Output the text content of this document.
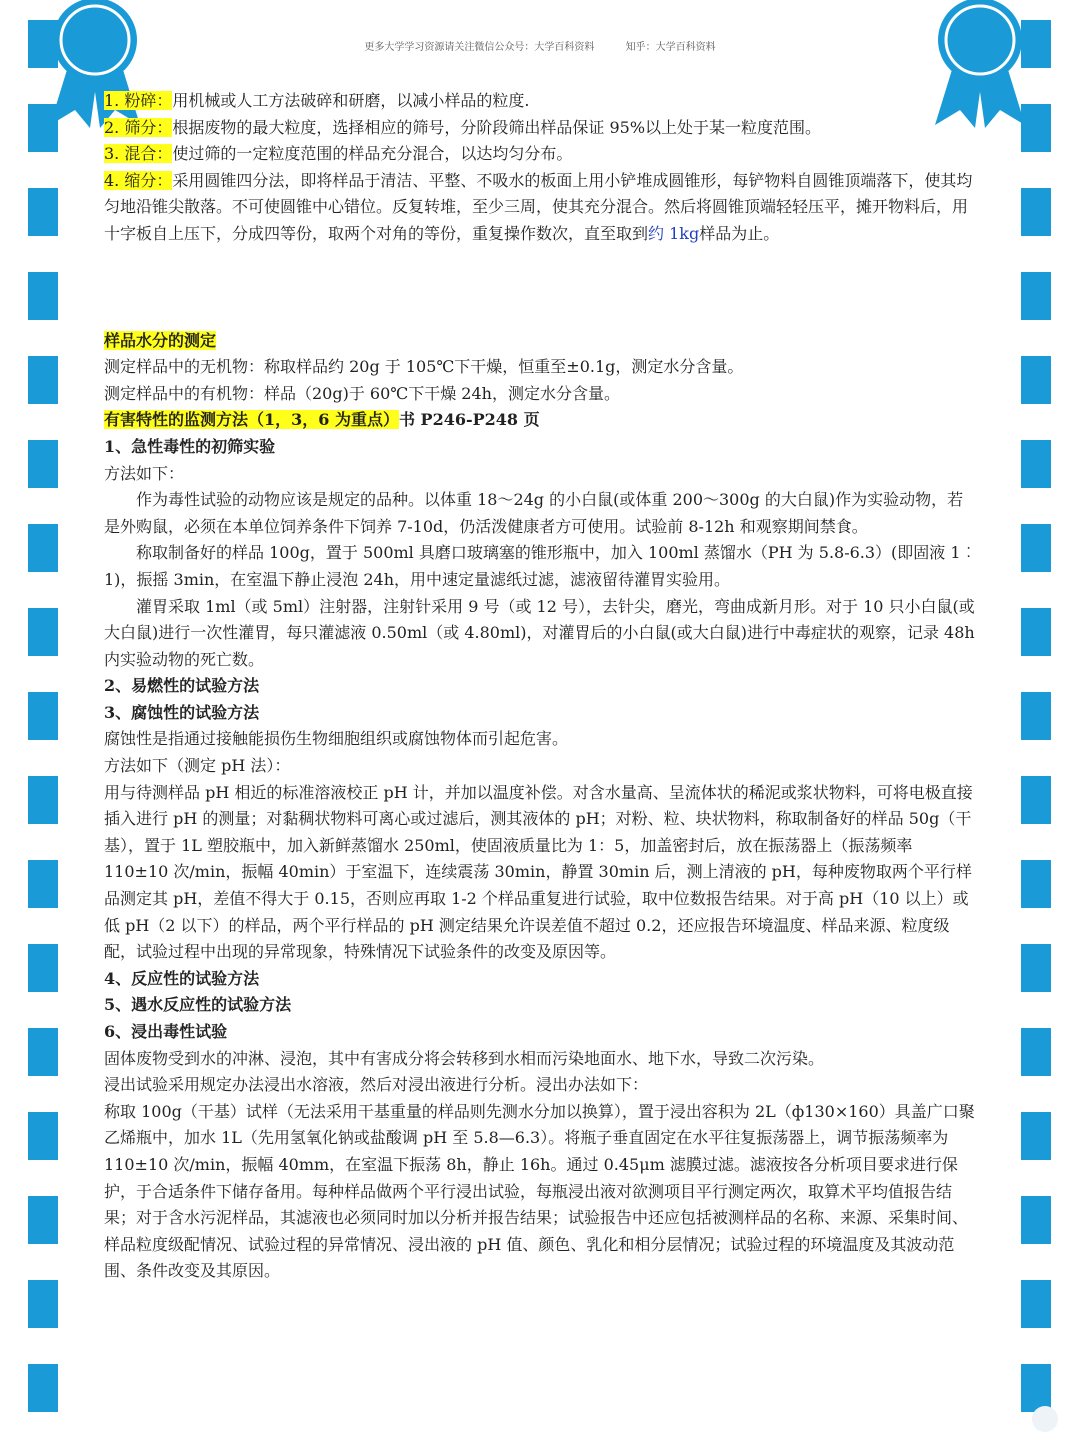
更多大学学习资源请关注微信公众号：大学百科资料	知乎：大学百科资料

1. 粉碎：用机械或人工方法破碎和研磨，以减小样品的粒度.

2. 筛分：根据废物的最大粒度，选择相应的筛号，分阶段筛出样品保证 95%以上处于某一粒度范围。

3. 混合：使过筛的一定粒度范围的样品充分混合，以达均匀分布。

4. 缩分：采用圆锥四分法，即将样品于清洁、平整、不吸水的板面上用小铲堆成圆锥形，每铲物料自圆锥顶端落下，使其均匀地沿锥尖散落。不可使圆锥中心错位。反复转堆，至少三周，使其充分混合。然后将圆锥顶端轻轻压平，摊开物料后，用十字板自上压下，分成四等份，取两个对角的等份，重复操作数次，直至取到约 1kg样品为止。

样品水分的测定

测定样品中的无机物：称取样品约 20g 于 105℃下干燥，恒重至±0.1g，测定水分含量。

测定样品中的有机物：样品（20g)于 60℃下干燥 24h，测定水分含量。

有害特性的监测方法（1，3，6 为重点）书 P246-P248 页

1、急性毒性的初筛实验

方法如下：

作为毒性试验的动物应该是规定的品种。以体重 18～24g 的小白鼠(或体重 200～300g 的大白鼠)作为实验动物，若是外购鼠，必须在本单位饲养条件下饲养 7-10d，仍活泼健康者方可使用。试验前 8-12h 和观察期间禁食。

称取制备好的样品 100g，置于 500ml 具磨口玻璃塞的锥形瓶中，加入 100ml 蒸馏水（PH 为 5.8-6.3）(即固液 1︰1)，振摇 3min，在室温下静止浸泡 24h，用中速定量滤纸过滤，滤液留待灌胃实验用。

灌胃采取 1ml（或 5ml）注射器，注射针采用 9 号（或 12 号），去针尖，磨光，弯曲成新月形。对于 10 只小白鼠(或大白鼠)进行一次性灌胃，每只灌滤液 0.50ml（或 4.80ml)，对灌胃后的小白鼠(或大白鼠)进行中毒症状的观察，记录 48h 内实验动物的死亡数。

2、易燃性的试验方法

3、腐蚀性的试验方法

腐蚀性是指通过接触能损伤生物细胞组织或腐蚀物体而引起危害。

方法如下（测定 pH 法）：

用与待测样品 pH 相近的标准溶液校正 pH 计，并加以温度补偿。对含水量高、呈流体状的稀泥或浆状物料，可将电极直接插入进行 pH 的测量；对黏稠状物料可离心或过滤后，测其液体的 pH；对粉、粒、块状物料，称取制备好的样品 50g（干基），置于 1L 塑胶瓶中，加入新鲜蒸馏水 250ml，使固液质量比为 1：5，加盖密封后，放在振荡器上（振荡频率 110±10 次/min，振幅 40min）于室温下，连续震荡 30min，静置 30min 后，测上清液的 pH，每种废物取两个平行样品测定其 pH，差值不得大于 0.15，否则应再取 1-2 个样品重复进行试验，取中位数报告结果。对于高 pH（10 以上）或低 pH（2 以下）的样品，两个平行样品的 pH 测定结果允许误差值不超过 0.2，还应报告环境温度、样品来源、粒度级配，试验过程中出现的异常现象，特殊情况下试验条件的改变及原因等。

4、反应性的试验方法

5、遇水反应性的试验方法

6、浸出毒性试验

固体废物受到水的冲淋、浸泡，其中有害成分将会转移到水相而污染地面水、地下水，导致二次污染。

浸出试验采用规定办法浸出水溶液，然后对浸出液进行分析。浸出办法如下：

称取 100g（干基）试样（无法采用干基重量的样品则先测水分加以换算），置于浸出容积为 2L（ф130×160）具盖广口聚乙烯瓶中，加水 1L（先用氢氧化钠或盐酸调 pH 至 5.8—6.3）。将瓶子垂直固定在水平往复振荡器上，调节振荡频率为 110±10 次/min，振幅 40mm，在室温下振荡 8h，静止 16h。通过 0.45μm 滤膜过滤。滤液按各分析项目要求进行保护，于合适条件下储存备用。每种样品做两个平行浸出试验，每瓶浸出液对欲测项目平行测定两次，取算术平均值报告结果；对于含水污泥样品，其滤液也必须同时加以分析并报告结果；试验报告中还应包括被测样品的名称、来源、采集时间、样品粒度级配情况、试验过程的异常情况、浸出液的 pH 值、颜色、乳化和相分层情况；试验过程的环境温度及其波动范围、条件改变及其原因。
